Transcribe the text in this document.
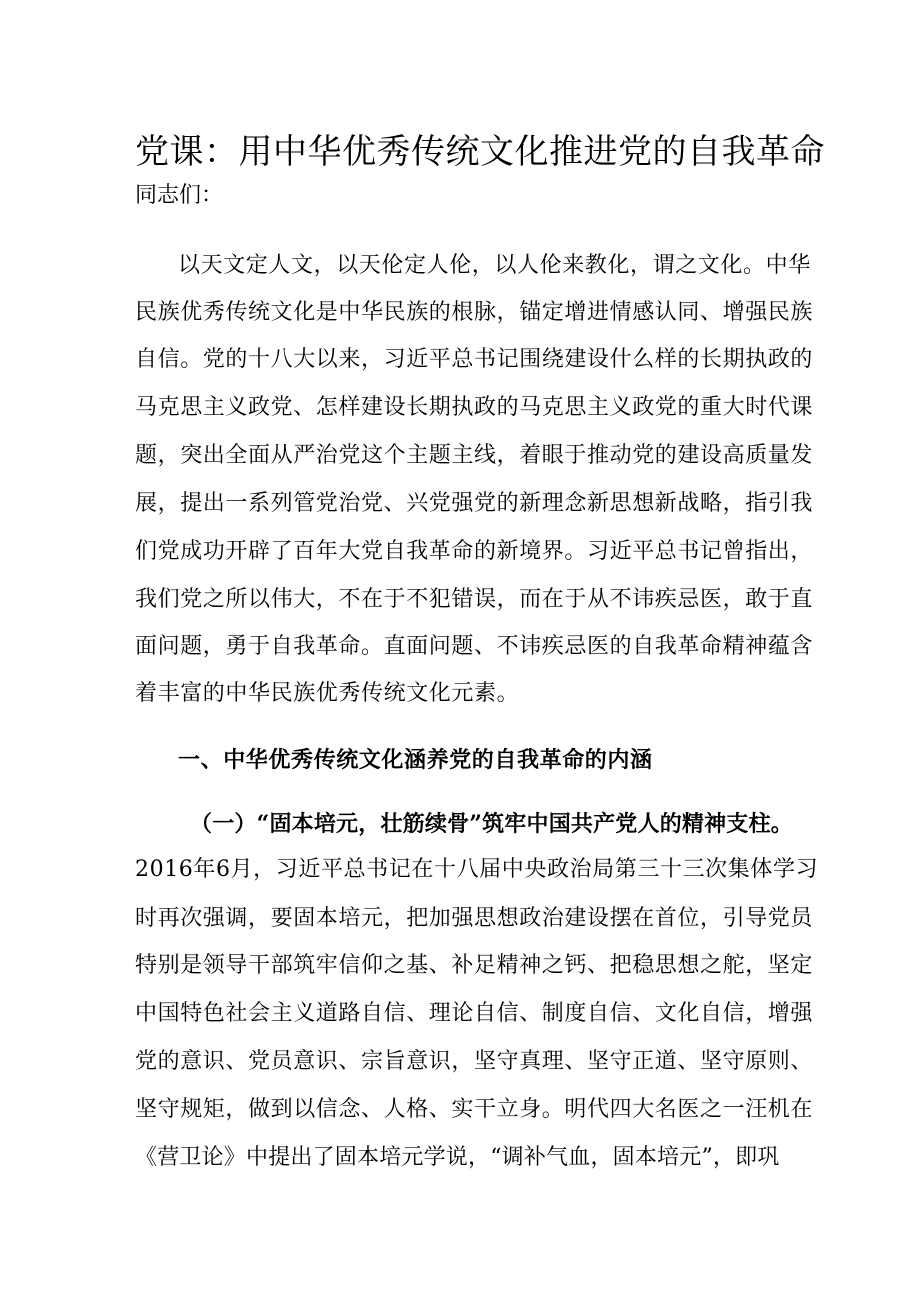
党课：用中华优秀传统文化推进党的自我革命
同志们：
以天文定人文，以天伦定人伦，以人伦来教化，谓之文化。中华
民族优秀传统文化是中华民族的根脉，锚定增进情感认同、增强民族
自信。党的十八大以来，习近平总书记围绕建设什么样的长期执政的
马克思主义政党、怎样建设长期执政的马克思主义政党的重大时代课
题，突出全面从严治党这个主题主线，着眼于推动党的建设高质量发
展，提出一系列管党治党、兴党强党的新理念新思想新战略，指引我
们党成功开辟了百年大党自我革命的新境界。习近平总书记曾指出，
我们党之所以伟大，不在于不犯错误，而在于从不讳疾忌医，敢于直
面问题，勇于自我革命。直面问题、不讳疾忌医的自我革命精神蕴含
着丰富的中华民族优秀传统文化元素。
一、中华优秀传统文化涵养党的自我革命的内涵
（一）“固本培元，壮筋续骨”筑牢中国共产党人的精神支柱。
2016年6月，习近平总书记在十八届中央政治局第三十三次集体学习
时再次强调，要固本培元，把加强思想政治建设摆在首位，引导党员
特别是领导干部筑牢信仰之基、补足精神之钙、把稳思想之舵，坚定
中国特色社会主义道路自信、理论自信、制度自信、文化自信，增强
党的意识、党员意识、宗旨意识，坚守真理、坚守正道、坚守原则、
坚守规矩，做到以信念、人格、实干立身。明代四大名医之一汪机在
《营卫论》中提出了固本培元学说，“调补气血，固本培元”，即巩
